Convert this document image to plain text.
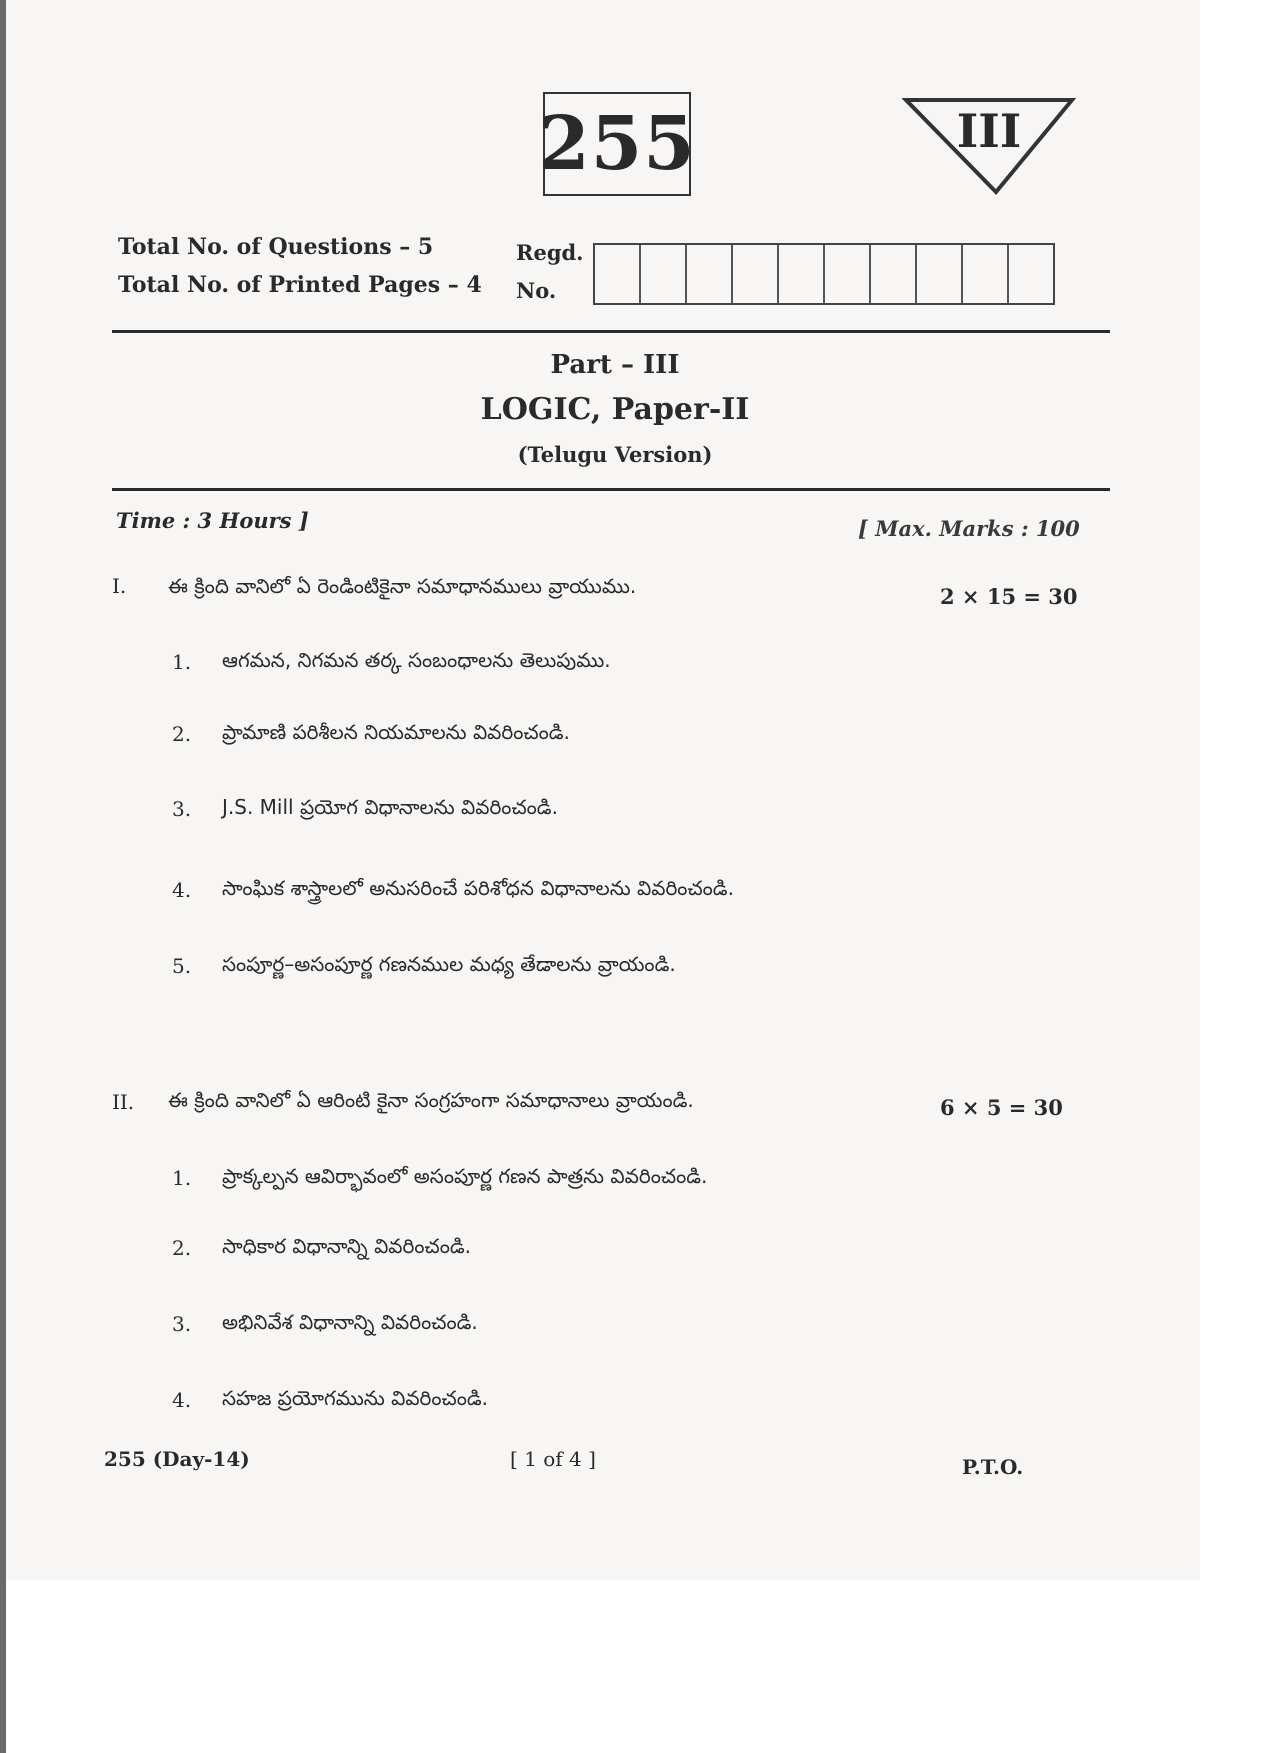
255	III
Total No. of Questions – 5
Total No. of Printed Pages – 4
Regd.
No.
Part – III
LOGIC, Paper-II
(Telugu Version)
Time : 3 Hours ]	[ Max. Marks : 100
I. ఈ క్రింది వానిలో ఏ రెండింటికైనా సమాధానములు వ్రాయుము.	2 × 15 = 30
1. ఆగమన, నిగమన తర్క సంబంధాలను తెలుపుము.
2. ప్రామాణి పరిశీలన నియమాలను వివరించండి.
3. J.S. Mill ప్రయోగ విధానాలను వివరించండి.
4. సాంఘిక శాస్త్రాలలో అనుసరించే పరిశోధన విధానాలను వివరించండి.
5. సంపూర్ణ–అసంపూర్ణ గణనముల మధ్య తేడాలను వ్రాయండి.
II. ఈ క్రింది వానిలో ఏ ఆరింటి కైనా సంగ్రహంగా సమాధానాలు వ్రాయండి.	6 × 5 = 30
1. ప్రాక్కల్పన ఆవిర్భావంలో అసంపూర్ణ గణన పాత్రను వివరించండి.
2. సాధికార విధానాన్ని వివరించండి.
3. అభినివేశ విధానాన్ని వివరించండి.
4. సహజ ప్రయోగమును వివరించండి.
255 (Day-14)	[ 1 of 4 ]	P.T.O.
